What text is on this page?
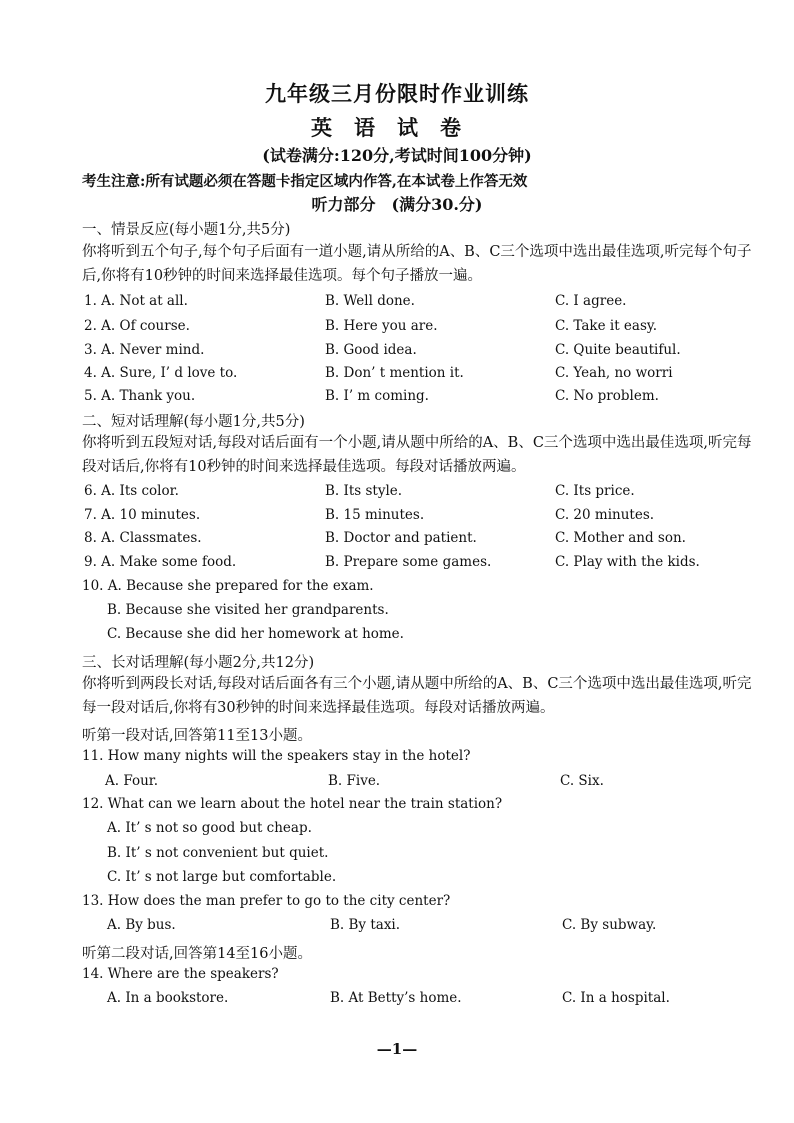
九年级三月份限时作业训练
英语试卷
(试卷满分:120分,考试时间100分钟)
考生注意:所有试题必须在答题卡指定区域内作答,在本试卷上作答无效
听力部分　(满分30.分)
一、情景反应(每小题1分,共5分)
你将听到五个句子,每个句子后面有一道小题,请从所给的A、B、C三个选项中选出最佳选项,听完每个句子后,你将有10秒钟的时间来选择最佳选项。每个句子播放一遍。
1. A. Not at all.	B. Well done.	C. I agree.
2. A. Of course.	B. Here you are.	C. Take it easy.
3. A. Never mind.	B. Good idea.	C. Quite beautiful.
4. A. Sure, I’ d love to.	B. Don’ t mention it.	C. Yeah, no worri
5. A. Thank you.	B. I’ m coming.	C. No problem.
二、短对话理解(每小题1分,共5分)
你将听到五段短对话,每段对话后面有一个小题,请从题中所给的A、B、C三个选项中选出最佳选项,听完每段对话后,你将有10秒钟的时间来选择最佳选项。每段对话播放两遍。
6. A. Its color.	B. Its style.	C. Its price.
7. A. 10 minutes.	B. 15 minutes.	C. 20 minutes.
8. A. Classmates.	B. Doctor and patient.	C. Mother and son.
9. A. Make some food.	B. Prepare some games.	C. Play with the kids.
10. A. Because she prepared for the exam.
B. Because she visited her grandparents.
C. Because she did her homework at home.
三、长对话理解(每小题2分,共12分)
你将听到两段长对话,每段对话后面各有三个小题,请从题中所给的A、B、C三个选项中选出最佳选项,听完每一段对话后,你将有30秒钟的时间来选择最佳选项。每段对话播放两遍。
听第一段对话,回答第11至13小题。
11. How many nights will the speakers stay in the hotel?
A. Four.	B. Five.	C. Six.
12. What can we learn about the hotel near the train station?
A. It’ s not so good but cheap.
B. It’ s not convenient but quiet.
C. It’ s not large but comfortable.
13. How does the man prefer to go to the city center?
A. By bus.	B. By taxi.	C. By subway.
听第二段对话,回答第14至16小题。
14. Where are the speakers?
A. In a bookstore.	B. At Betty’s home.	C. In a hospital.
—1—
